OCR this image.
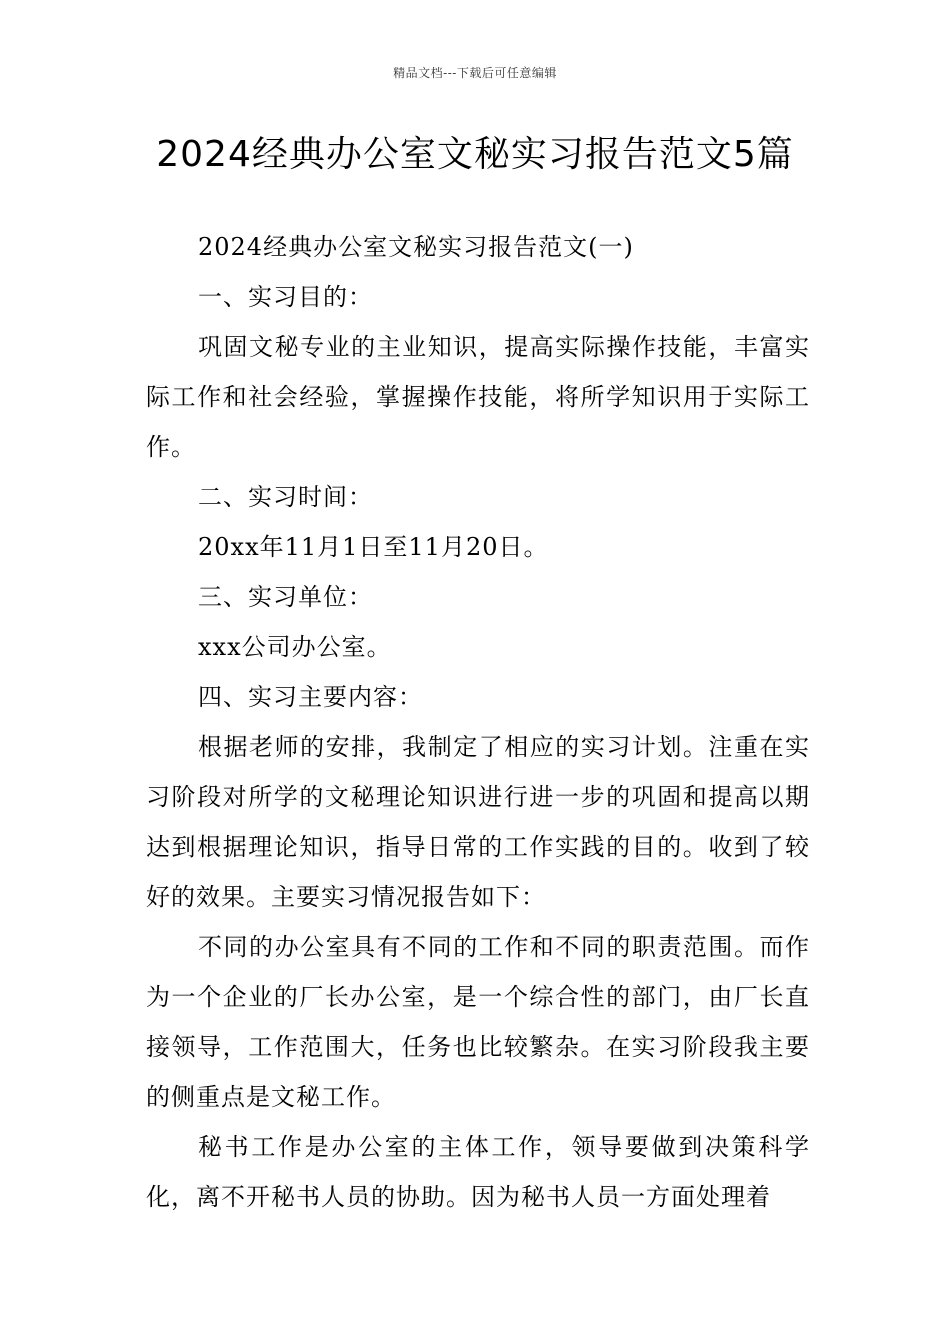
精品文档---下载后可任意编辑
2024经典办公室文秘实习报告范文5篇

2024经典办公室文秘实习报告范文(一)

一、实习目的：

巩固文秘专业的主业知识，提高实际操作技能，丰富实际工作和社会经验，掌握操作技能，将所学知识用于实际工作。

二、实习时间：

20xx年11月1日至11月20日。

三、实习单位：

xxx公司办公室。

四、实习主要内容：

根据老师的安排，我制定了相应的实习计划。注重在实习阶段对所学的文秘理论知识进行进一步的巩固和提高以期达到根据理论知识，指导日常的工作实践的目的。收到了较好的效果。主要实习情况报告如下：

不同的办公室具有不同的工作和不同的职责范围。而作为一个企业的厂长办公室，是一个综合性的部门，由厂长直接领导，工作范围大，任务也比较繁杂。在实习阶段我主要的侧重点是文秘工作。

秘书工作是办公室的主体工作，领导要做到决策科学化，离不开秘书人员的协助。因为秘书人员一方面处理着
